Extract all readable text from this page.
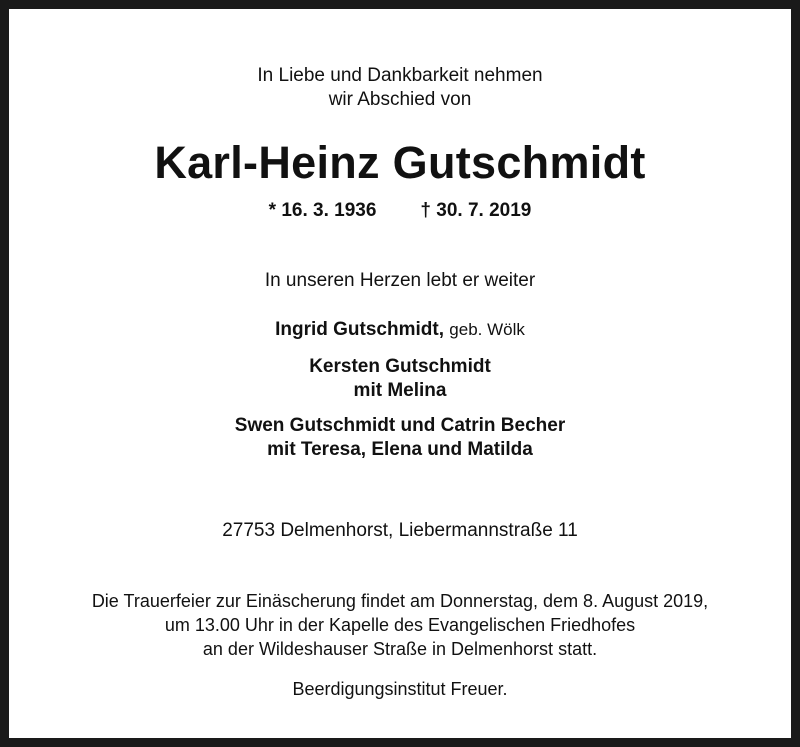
In Liebe und Dankbarkeit nehmen
wir Abschied von
Karl-Heinz Gutschmidt
* 16. 3. 1936 † 30. 7. 2019
In unseren Herzen lebt er weiter
Ingrid Gutschmidt, geb. Wölk
Kersten Gutschmidt
mit Melina
Swen Gutschmidt und Catrin Becher
mit Teresa, Elena und Matilda
27753 Delmenhorst, Liebermannstraße 11
Die Trauerfeier zur Einäscherung findet am Donnerstag, dem 8. August 2019,
um 13.00 Uhr in der Kapelle des Evangelischen Friedhofes
an der Wildeshauser Straße in Delmenhorst statt.
Beerdigungsinstitut Freuer.
